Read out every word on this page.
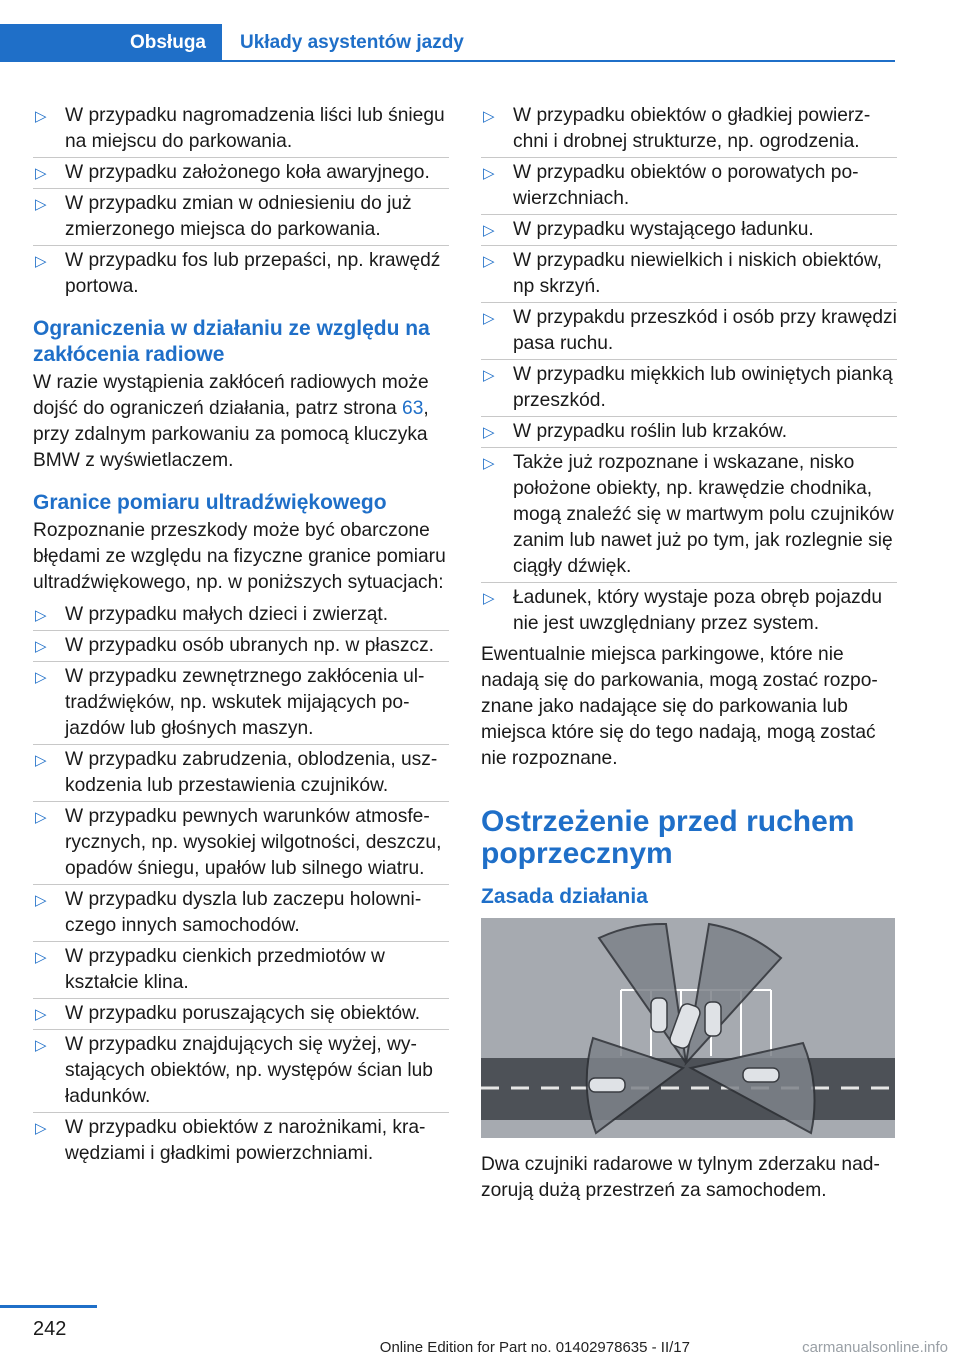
Obsługa	Układy asystentów jazdy
▷ W przypadku nagromadzenia liści lub śniegu na miejscu do parkowania.
▷ W przypadku założonego koła awaryjnego.
▷ W przypadku zmian w odniesieniu do już zmierzonego miejsca do parkowania.
▷ W przypadku fos lub przepaści, np. krawędź portowa.
Ograniczenia w działaniu ze względu na zakłócenia radiowe

W razie wystąpienia zakłóceń radiowych może dojść do ograniczeń działania, patrz strona 63, przy zdalnym parkowaniu za pomocą kluczyka BMW z wyświetlaczem.

Granice pomiaru ultradźwiękowego

Rozpoznanie przeszkody może być obarczone błędami ze względu na fizyczne granice pomiaru ultradźwiękowego, np. w poniższych sytuacjach:

▷ W przypadku małych dzieci i zwierząt.
▷ W przypadku osób ubranych np. w płaszcz.
▷ W przypadku zewnętrznego zakłócenia ultradźwięków, np. wskutek mijających pojazdów lub głośnych maszyn.
▷ W przypadku zabrudzenia, oblodzenia, uszkodzenia lub przestawienia czujników.
▷ W przypadku pewnych warunków atmosferycznych, np. wysokiej wilgotności, deszczu, opadów śniegu, upałów lub silnego wiatru.
▷ W przypadku dyszla lub zaczepu holowniczego innych samochodów.
▷ W przypadku cienkich przedmiotów w kształcie klina.
▷ W przypadku poruszających się obiektów.
▷ W przypadku znajdujących się wyżej, wystających obiektów, np. występów ścian lub ładunków.
▷ W przypadku obiektów z narożnikami, krawędziami i gładkimi powierzchniami.
▷ W przypadku obiektów o gładkiej powierzchni i drobnej strukturze, np. ogrodzenia.
▷ W przypadku obiektów o porowatych powierzchniach.
▷ W przypadku wystającego ładunku.
▷ W przypadku niewielkich i niskich obiektów, np skrzyń.
▷ W przypakdu przeszkód i osób przy krawędzi pasa ruchu.
▷ W przypadku miękkich lub owiniętych pianką przeszkód.
▷ W przypadku roślin lub krzaków.
▷ Także już rozpoznane i wskazane, nisko położone obiekty, np. krawędzie chodnika, mogą znaleźć się w martwym polu czujników zanim lub nawet już po tym, jak rozlegnie się ciągły dźwięk.
▷ Ładunek, który wystaje poza obręb pojazdu nie jest uwzględniany przez system.

Ewentualnie miejsca parkingowe, które nie nadają się do parkowania, mogą zostać rozpoznane jako nadające się do parkowania lub miejsca które się do tego nadają, mogą zostać nie rozpoznane.

Ostrzeżenie przed ruchem poprzecznym
Zasada działania

Dwa czujniki radarowe w tylnym zderzaku nadzorują dużą przestrzeń za samochodem.

242
Online Edition for Part no. 01402978635 - II/17	carmanualsonline.info
